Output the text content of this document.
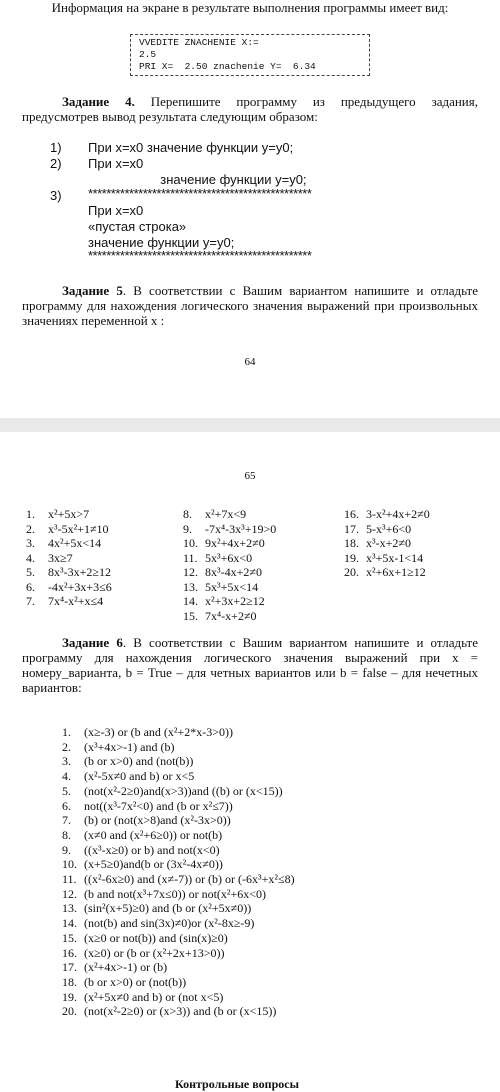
Информация на экране в результате выполнения программы имеет вид:
VVEDITE ZNACHENIE X:=
2.5
PRI X=  2.50 znachenie Y=  6.34
Задание 4. Перепишите программу из предыдущего задания, предусмотрев вывод результата следующим образом:
1)	При x=x0 значение функции y=y0;
2)	При x=x0
значение функции y=y0;
3)	*************************************************
При x=x0
«пустая строка»
значение функции y=y0;
*************************************************
Задание 5. В соответствии с Вашим вариантом напишите и отладьте программу для нахождения логического значения выражений при произвольных значениях переменной x :
64
65
1. x²+5x>7
2. x³-5x²+1≠10
3. 4x²+5x<14
4. 3x≥7
5. 8x³-3x+2≥12
6. -4x²+3x+3≤6
7. 7x⁴-x²+x≤4
8. x²+7x<9
9. -7x⁴-3x³+19>0
10. 9x²+4x+2≠0
11. 5x³+6x<0
12. 8x³-4x+2≠0
13. 5x³+5x<14
14. x²+3x+2≥12
15. 7x⁴-x+2≠0
16. 3-x²+4x+2≠0
17. 5-x³+6<0
18. x³-x+2≠0
19. x³+5x-1<14
20. x²+6x+1≥12
Задание 6. В соответствии с Вашим вариантом напишите и отладьте программу для нахождения логического значения выражений при x = номеру_варианта, b = True – для четных вариантов или b = false – для нечетных вариантов:
1. (x≥-3) or (b and (x²+2*x-3>0))
2. (x³+4x>-1) and (b)
3. (b or x>0) and (not(b))
4. (x²-5x≠0 and b) or x<5
5. (not(x²-2≥0)and(x>3))and ((b) or (x<15))
6. not((x³-7x²<0) and (b or x²≤7))
7. (b) or (not(x>8)and (x²-3x>0))
8. (x≠0 and (x²+6≥0)) or not(b)
9. ((x³-x≥0) or b) and not(x<0)
10. (x+5≥0)and(b or (3x²-4x≠0))
11. ((x²-6x≥0) and (x≠-7)) or (b) or (-6x³+x²≤8)
12. (b and not(x³+7x≤0)) or not(x²+6x<0)
13. (sin²(x+5)≥0) and (b or (x²+5x≠0))
14. (not(b) and sin(3x)≠0)or (x²-8x≥-9)
15. (x≥0 or not(b)) and (sin(x)≥0)
16. (x≥0) or (b or (x²+2x+13>0))
17. (x²+4x>-1) or (b)
18. (b or x>0) or (not(b))
19. (x²+5x≠0 and b) or (not x<5)
20. (not(x²-2≥0) or (x>3)) and (b or (x<15))
Контрольные вопросы
